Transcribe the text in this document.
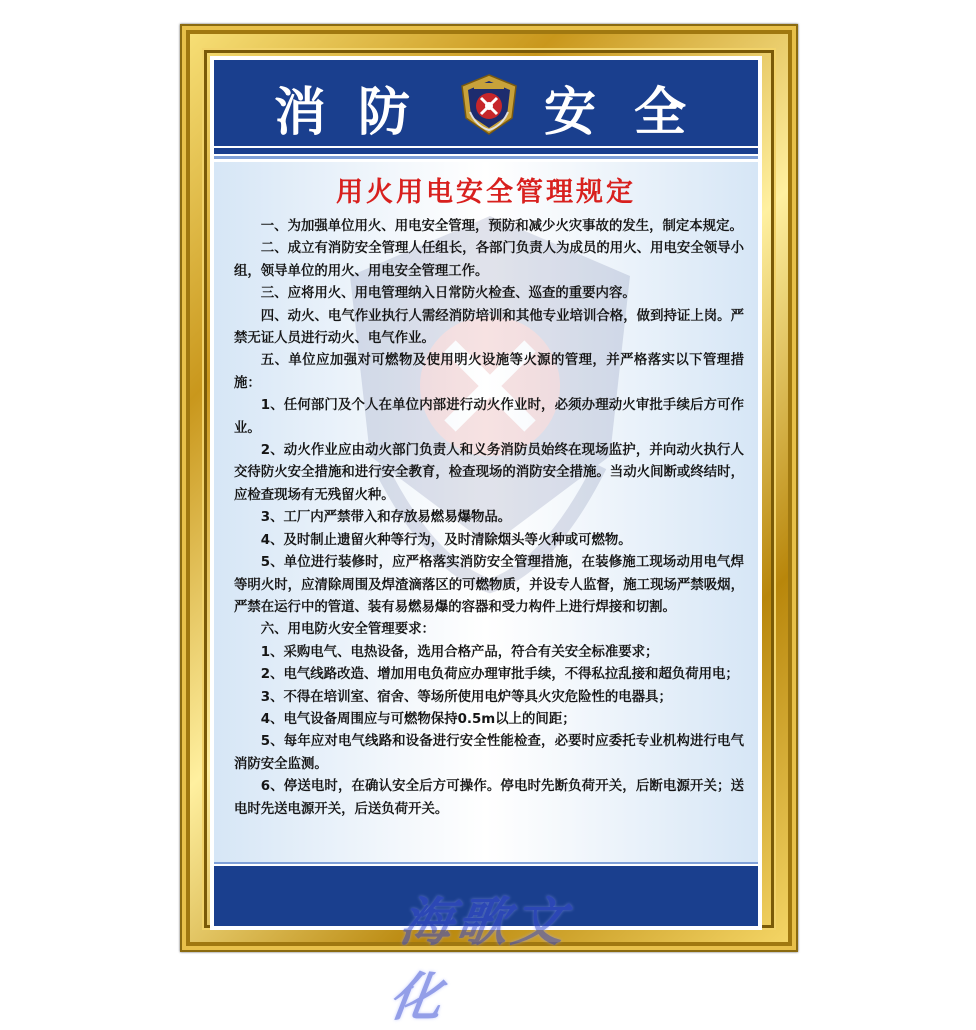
消 防	安 全
用火用电安全管理规定

一、为加强单位用火、用电安全管理，预防和减少火灾事故的发生，制定本规定。

二、成立有消防安全管理人任组长，各部门负责人为成员的用火、用电安全领导小组，领导单位的用火、用电安全管理工作。

三、应将用火、用电管理纳入日常防火检查、巡查的重要内容。

四、动火、电气作业执行人需经消防培训和其他专业培训合格，做到持证上岗。严禁无证人员进行动火、电气作业。

五、单位应加强对可燃物及使用明火设施等火源的管理，并严格落实以下管理措施：

1、任何部门及个人在单位内部进行动火作业时，必须办理动火审批手续后方可作业。

2、动火作业应由动火部门负责人和义务消防员始终在现场监护，并向动火执行人交待防火安全措施和进行安全教育，检查现场的消防安全措施。当动火间断或终结时，应检查现场有无残留火种。

3、工厂内严禁带入和存放易燃易爆物品。

4、及时制止遗留火种等行为，及时清除烟头等火种或可燃物。

5、单位进行装修时，应严格落实消防安全管理措施，在装修施工现场动用电气焊等明火时，应清除周围及焊渣滴落区的可燃物质，并设专人监督，施工现场严禁吸烟，严禁在运行中的管道、装有易燃易爆的容器和受力构件上进行焊接和切割。

六、用电防火安全管理要求：

1、采购电气、电热设备，选用合格产品，符合有关安全标准要求；

2、电气线路改造、增加用电负荷应办理审批手续，不得私拉乱接和超负荷用电；

3、不得在培训室、宿舍、等场所使用电炉等具火灾危险性的电器具；

4、电气设备周围应与可燃物保持0.5m以上的间距；

5、每年应对电气线路和设备进行安全性能检查，必要时应委托专业机构进行电气消防安全监测。

6、停送电时，在确认安全后方可操作。停电时先断负荷开关，后断电源开关；送电时先送电源开关，后送负荷开关。

海歌文化
